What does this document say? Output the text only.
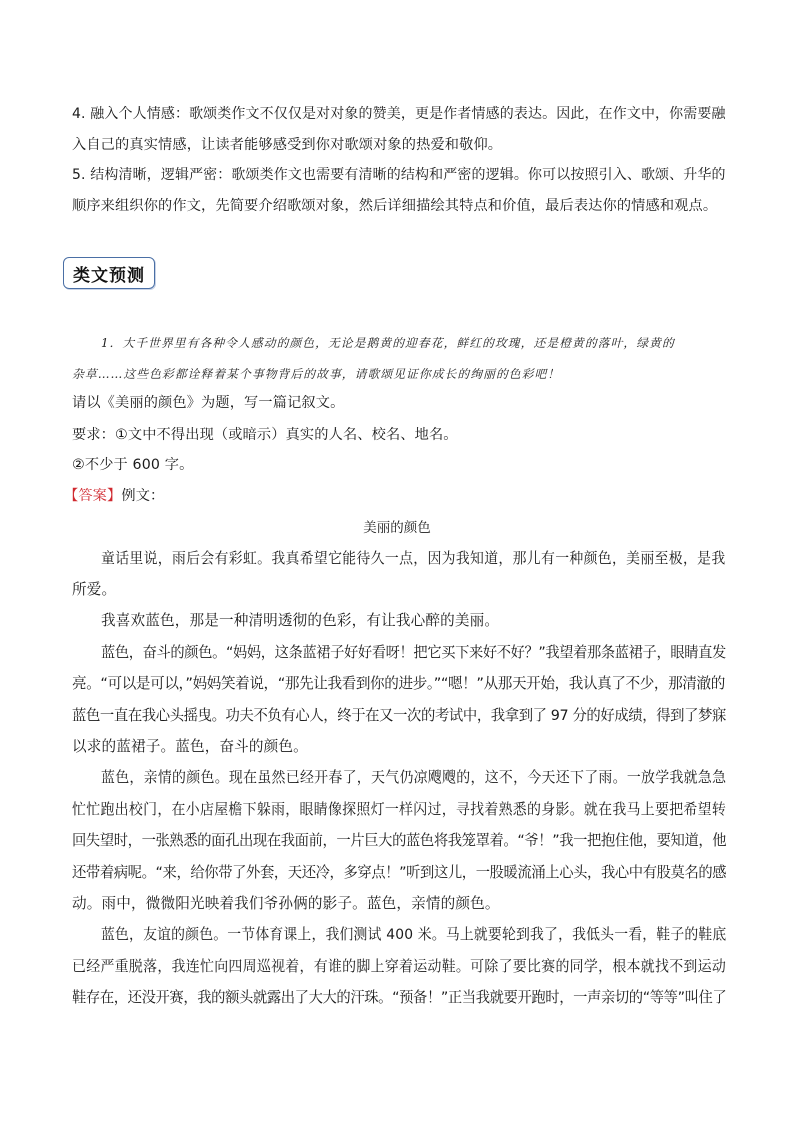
4. 融入个人情感：歌颂类作文不仅仅是对对象的赞美，更是作者情感的表达。因此，在作文中，你需要融
入自己的真实情感，让读者能够感受到你对歌颂对象的热爱和敬仰。
5. 结构清晰，逻辑严密：歌颂类作文也需要有清晰的结构和严密的逻辑。你可以按照引入、歌颂、升华的
顺序来组织你的作文，先简要介绍歌颂对象，然后详细描绘其特点和价值，最后表达你的情感和观点。
类文预测
1．大千世界里有各种令人感动的颜色，无论是鹅黄的迎春花，鲜红的玫瑰，还是橙黄的落叶，绿黄的
杂草……这些色彩都诠释着某个事物背后的故事，请歌颂见证你成长的绚丽的色彩吧！
请以《美丽的颜色》为题，写一篇记叙文。
要求：①文中不得出现（或暗示）真实的人名、校名、地名。
②不少于 600 字。
【答案】例文：
美丽的颜色
童话里说，雨后会有彩虹。我真希望它能待久一点，因为我知道，那儿有一种颜色，美丽至极，是我
所爱。
我喜欢蓝色，那是一种清明透彻的色彩，有让我心醉的美丽。
蓝色，奋斗的颜色。“妈妈，这条蓝裙子好好看呀！把它买下来好不好？”我望着那条蓝裙子，眼睛直发
亮。“可以是可以，”妈妈笑着说，“那先让我看到你的进步。”“嗯！”从那天开始，我认真了不少，那清澈的
蓝色一直在我心头摇曳。功夫不负有心人，终于在又一次的考试中，我拿到了 97 分的好成绩，得到了梦寐
以求的蓝裙子。蓝色，奋斗的颜色。
蓝色，亲情的颜色。现在虽然已经开春了，天气仍凉飕飕的，这不，今天还下了雨。一放学我就急急
忙忙跑出校门，在小店屋檐下躲雨，眼睛像探照灯一样闪过，寻找着熟悉的身影。就在我马上要把希望转
回失望时，一张熟悉的面孔出现在我面前，一片巨大的蓝色将我笼罩着。“爷！”我一把抱住他，要知道，他
还带着病呢。“来，给你带了外套，天还冷，多穿点！”听到这儿，一股暖流涌上心头，我心中有股莫名的感
动。雨中，微微阳光映着我们爷孙俩的影子。蓝色，亲情的颜色。
蓝色，友谊的颜色。一节体育课上，我们测试 400 米。马上就要轮到我了，我低头一看，鞋子的鞋底
已经严重脱落，我连忙向四周巡视着，有谁的脚上穿着运动鞋。可除了要比赛的同学，根本就找不到运动
鞋存在，还没开赛，我的额头就露出了大大的汗珠。“预备！”正当我就要开跑时，一声亲切的“等等”叫住了
